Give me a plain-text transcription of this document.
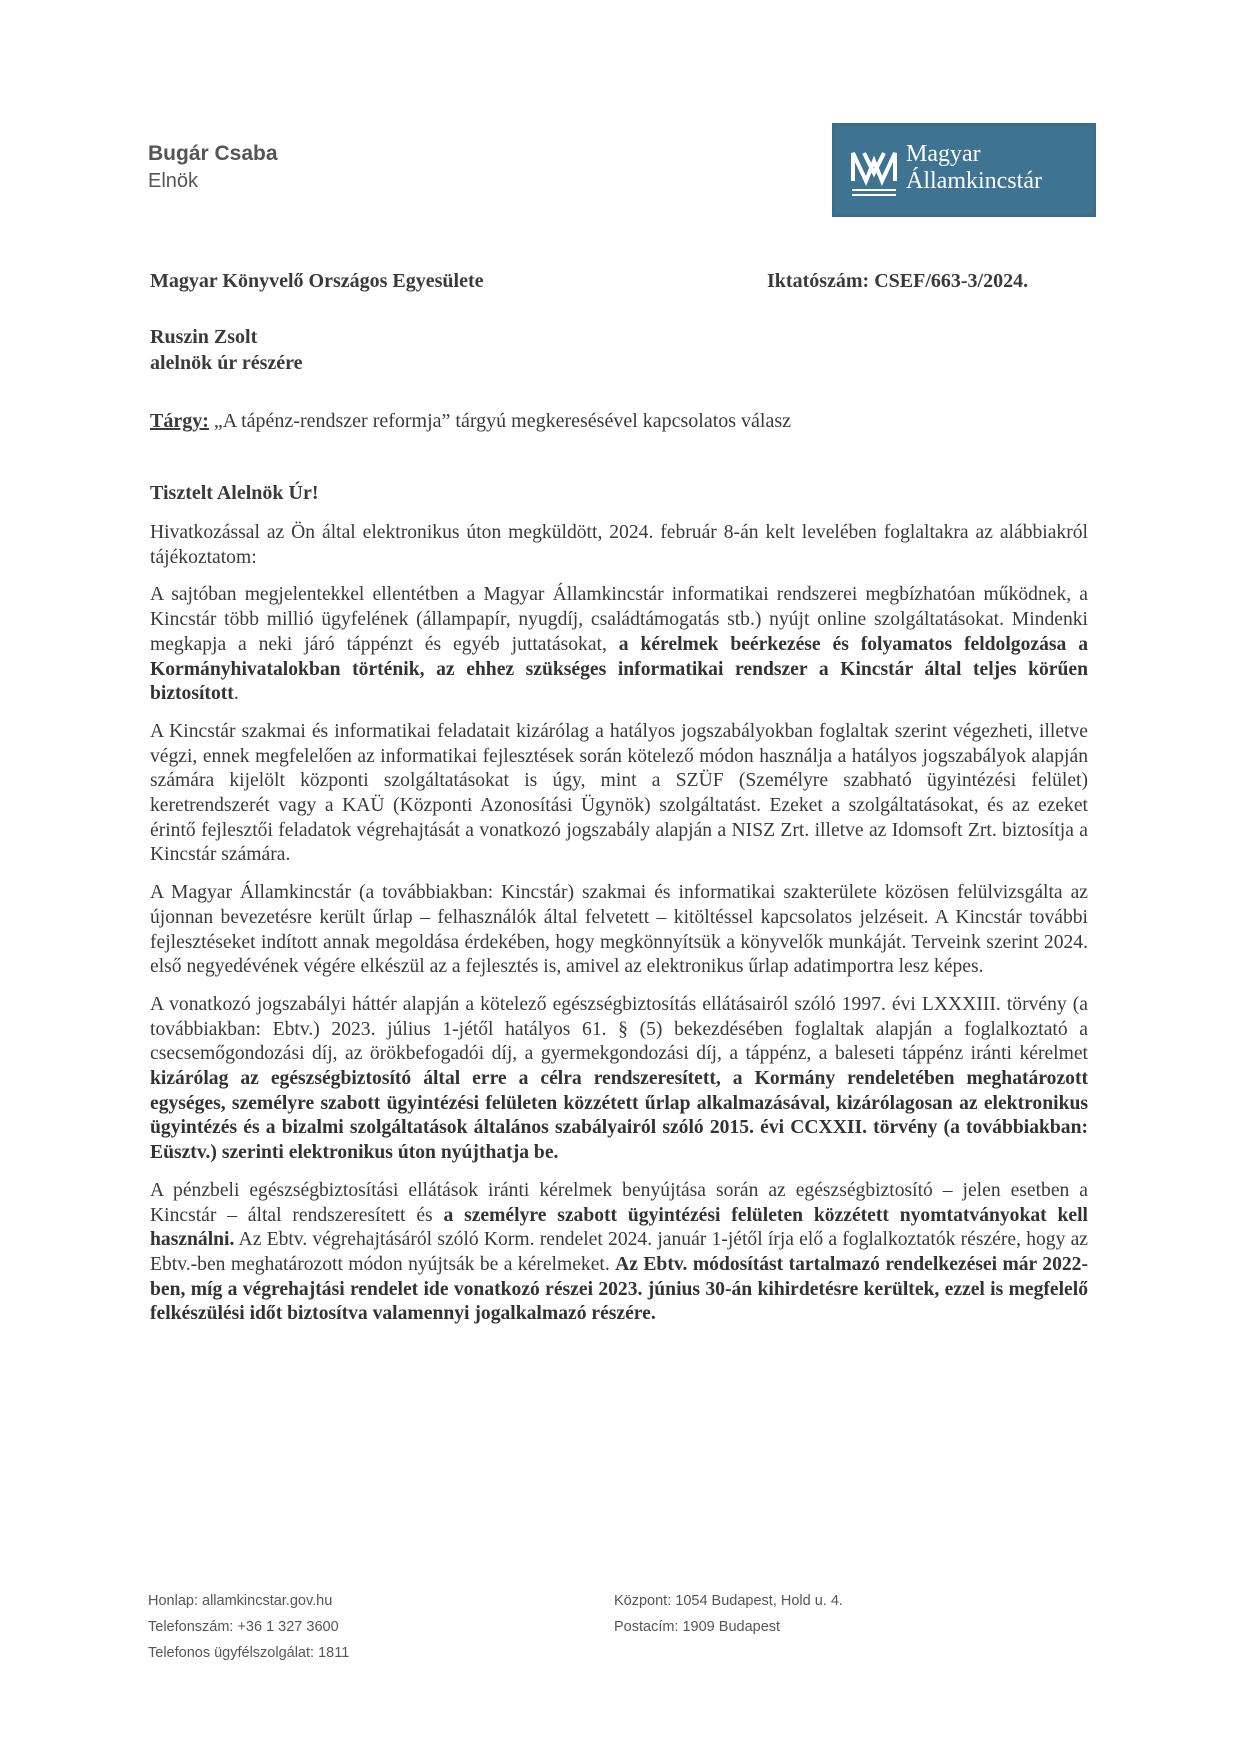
Bugár Csaba
Elnök
Magyar
Államkincstár
Magyar Könyvelő Országos Egyesülete	Iktatószám: CSEF/663-3/2024.
Ruszin Zsolt
alelnök úr részére
Tárgy: „A tápénz-rendszer reformja” tárgyú megkeresésével kapcsolatos válasz
Tisztelt Alelnök Úr!

Hivatkozással az Ön által elektronikus úton megküldött, 2024. február 8-án kelt levelében foglaltakra az alábbiakról tájékoztatom:

A sajtóban megjelentekkel ellentétben a Magyar Államkincstár informatikai rendszerei megbízhatóan működnek, a Kincstár több millió ügyfelének (állampapír, nyugdíj, családtámogatás stb.) nyújt online szolgáltatásokat. Mindenki megkapja a neki járó táppénzt és egyéb juttatásokat, a kérelmek beérkezése és folyamatos feldolgozása a Kormányhivatalokban történik, az ehhez szükséges informatikai rendszer a Kincstár által teljes körűen biztosított.

A Kincstár szakmai és informatikai feladatait kizárólag a hatályos jogszabályokban foglaltak szerint végezheti, illetve végzi, ennek megfelelően az informatikai fejlesztések során kötelező módon használja a hatályos jogszabályok alapján számára kijelölt központi szolgáltatásokat is úgy, mint a SZÜF (Személyre szabható ügyintézési felület) keretrendszerét vagy a KAÜ (Központi Azonosítási Ügynök) szolgáltatást. Ezeket a szolgáltatásokat, és az ezeket érintő fejlesztői feladatok végrehajtását a vonatkozó jogszabály alapján a NISZ Zrt. illetve az Idomsoft Zrt. biztosítja a Kincstár számára.

A Magyar Államkincstár (a továbbiakban: Kincstár) szakmai és informatikai szakterülete közösen felülvizsgálta az újonnan bevezetésre került űrlap – felhasználók által felvetett – kitöltéssel kapcsolatos jelzéseit. A Kincstár további fejlesztéseket indított annak megoldása érdekében, hogy megkönnyítsük a könyvelők munkáját. Terveink szerint 2024. első negyedévének végére elkészül az a fejlesztés is, amivel az elektronikus űrlap adatimportra lesz képes.

A vonatkozó jogszabályi háttér alapján a kötelező egészségbiztosítás ellátásairól szóló 1997. évi LXXXIII. törvény (a továbbiakban: Ebtv.) 2023. július 1-jétől hatályos 61. § (5) bekezdésében foglaltak alapján a foglalkoztató a csecsemőgondozási díj, az örökbefogadói díj, a gyermekgondozási díj, a táppénz, a baleseti táppénz iránti kérelmet kizárólag az egészségbiztosító által erre a célra rendszeresített, a Kormány rendeletében meghatározott egységes, személyre szabott ügyintézési felületen közzétett űrlap alkalmazásával, kizárólagosan az elektronikus ügyintézés és a bizalmi szolgáltatások általános szabályairól szóló 2015. évi CCXXII. törvény (a továbbiakban: Eüsztv.) szerinti elektronikus úton nyújthatja be.

A pénzbeli egészségbiztosítási ellátások iránti kérelmek benyújtása során az egészségbiztosító – jelen esetben a Kincstár – által rendszeresített és a személyre szabott ügyintézési felületen közzétett nyomtatványokat kell használni. Az Ebtv. végrehajtásáról szóló Korm. rendelet 2024. január 1-jétől írja elő a foglalkoztatók részére, hogy az Ebtv.-ben meghatározott módon nyújtsák be a kérelmeket. Az Ebtv. módosítást tartalmazó rendelkezései már 2022-ben, míg a végrehajtási rendelet ide vonatkozó részei 2023. június 30-án kihirdetésre kerültek, ezzel is megfelelő felkészülési időt biztosítva valamennyi jogalkalmazó részére.

Honlap: allamkincstar.gov.hu
Telefonszám: +36 1 327 3600
Telefonos ügyfélszolgálat: 1811
Központ: 1054 Budapest, Hold u. 4.
Postacím: 1909 Budapest
